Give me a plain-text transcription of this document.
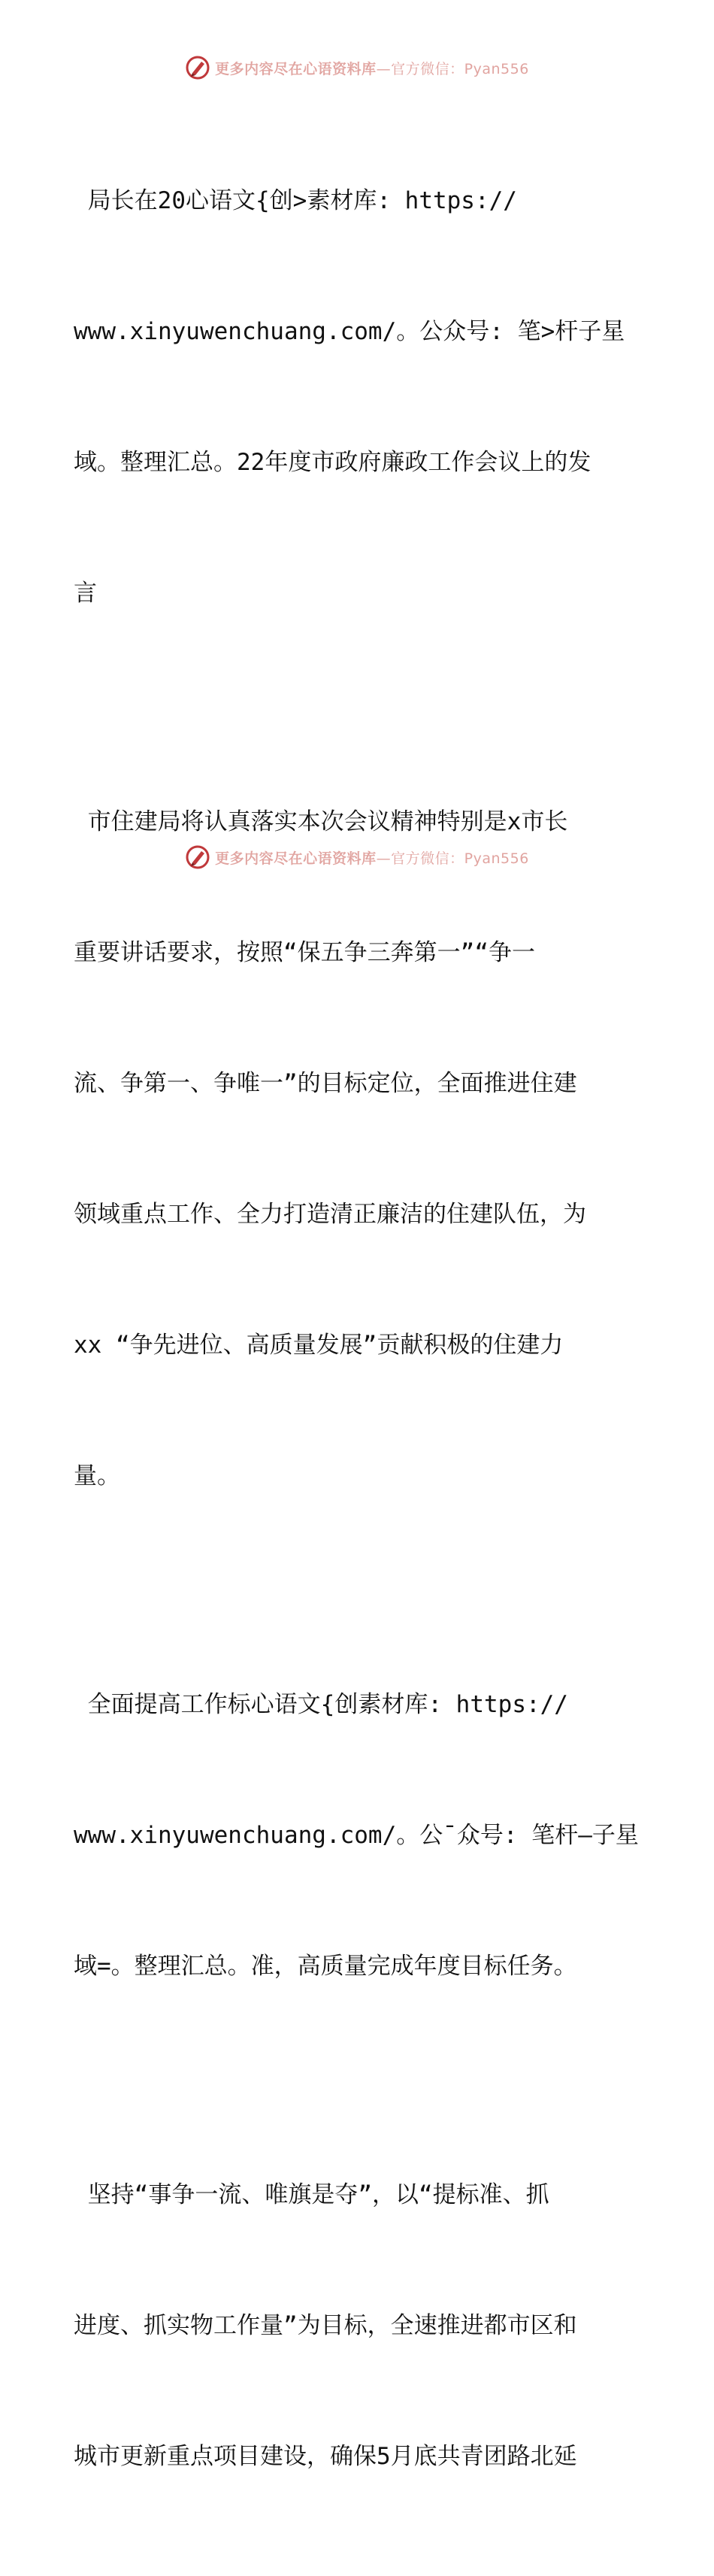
更多内容尽在心语资料库—官方微信：Pyan556

局长在20心语文{创>素材库: https://

www.xinyuwenchuang.com/。公众号: 笔>杆子星

域。整理汇总。22年度市政府廉政工作会议上的发

言

市住建局将认真落实本次会议精神特别是x市长

重要讲话要求，按照“保五争三奔第一”“争一

流、争第一、争唯一”的目标定位，全面推进住建

领域重点工作、全力打造清正廉洁的住建队伍，为

xx “争先进位、高质量发展”贡献积极的住建力

量。

全面提高工作标心语文{创素材库: https://

www.xinyuwenchuang.com/。公¯众号: 笔杆—子星

域=。整理汇总。准，高质量完成年度目标任务。

坚持“事争一流、唯旗是夺”，以“提标准、抓

进度、抓实物工作量”为目标，全速推进都市区和

城市更新重点项目建设，确保5月底共青团路北延

更多内容尽在心语资料库—官方微信：Pyan556
